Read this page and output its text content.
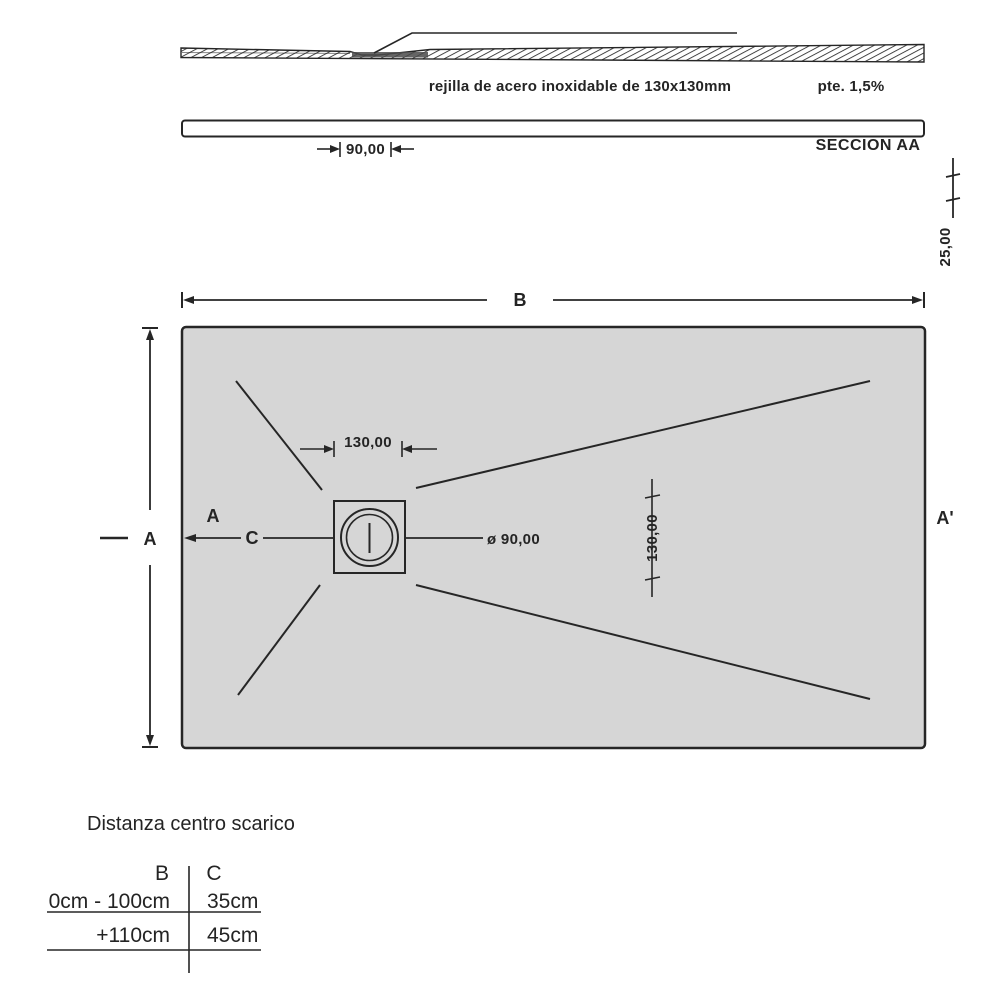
rejilla de acero inoxidable de 130x130mm	pte. 1,5%
SECCION AA
90,00
25,00
B
A
130,00
C
A
ø 90,00	130,00	A'
Distanza centro scarico
B C
0cm - 100cm 35cm
+110cm 45cm
